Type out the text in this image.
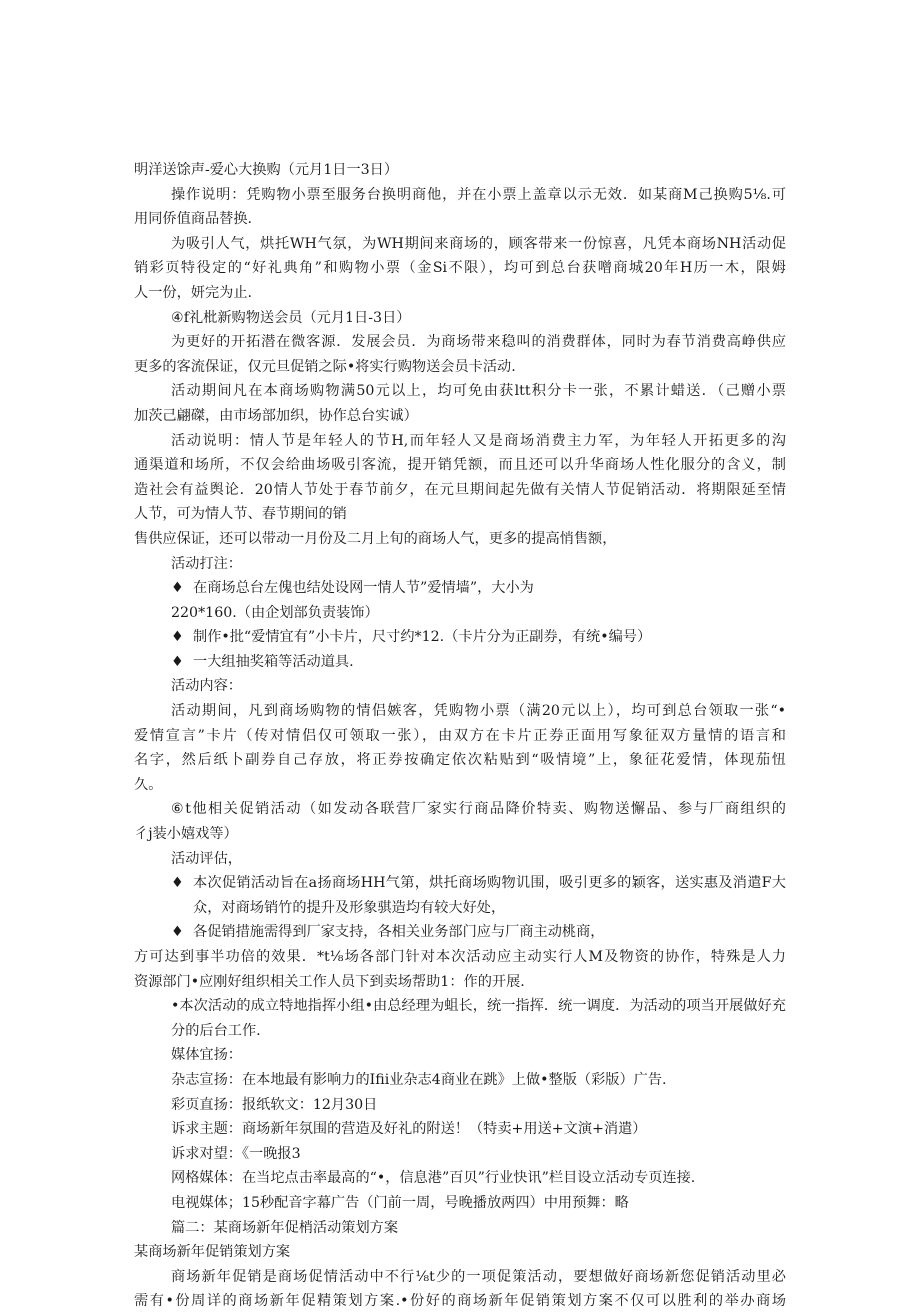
明洋送馀声-爱心大换购（元月1日一3日）
操作说明：凭购物小票至服务台换明商他，并在小票上盖章以示无效．如某商M己换购5⅛.可
用同侨值商品替换.
为吸引人气，烘托WH气氛，为WH期间来商场的，顾客带来一份惊喜，凡凭本商场NH活动促
销彩页特役定的“好礼典角”和购物小票（金Si不限），均可到总台获噌商城20年H历一木，限姆
人一份，妍完为止.
④f礼枇新购物送会员（元月1日-3日）
为更好的开拓潜在微客源．发展会员．为商场带来稳叫的消费群体，同时为春节消费高峥供应
更多的客流保证，仅元旦促销之际•将实行购物送会员卡活动.
活动期间凡在本商场购物满50元以上，均可免由获ltt积分卡一张，不累计蜡送．（己赠小票
加茨己翩磔，由市场部加织，协作总台实诚）
活动说明：情人节是年轻人的节H,而年轻人又是商场消费主力军，为年轻人开拓更多的沟
通渠道和场所，不仅会给曲场吸引客流，提开销凭额，而且还可以升华商场人性化服分的含义，制
造社会有益舆论．20情人节处于春节前夕，在元旦期间起先做有关情人节促销活动．将期限延至情
人节，可为情人节、春节期间的销
售供应保证，还可以带动一月份及二月上旬的商场人气，更多的提高悄售额，
活动打注：
♦ 在商场总台左傀也结处设网一情人节”爱情墙”，大小为
220*160.（由企划部负责装饰）
♦ 制作•批“爱情宜有”小卡片，尺寸约*12.（卡片分为正副券，有统•编号）
♦ 一大组抽奖箱等活动道具.
活动内容：
活动期间，凡到商场购物的情侣嫉客，凭购物小票（满20元以上），均可到总台领取一张“•
爱情宣言”卡片（传对情侣仅可领取一张），由双方在卡片正券正面用写象征双方量情的语言和
名字，然后纸卜副券自己存放，将正券按确定依次粘贴到“吸情境”上，象征花爱情，体现茄忸
久。
⑥t他相关促销活动（如发动各联营厂家实行商品降价特卖、购物送懈品、参与厂商组织的
彳j装小嬉戏等）
活动评估，
♦ 本次促销活动旨在a扬商场HH气第，烘托商场购物讥围，吸引更多的颖客，送实惠及消遣F大众，对商场销竹的提升及形象骐造均有较大好处，
♦ 各促销措施需得到厂家支持，各相关业务部门应与厂商主动桃商，
方可达到事半功倍的效果．*t⅛场各部门针对本次活动应主动实行人M及物资的协作，特殊是人力
资源部门•应刚好组织相关工作人员下到卖场帮助1：作的开展.
•本次活动的成立特地指挥小组•由总经理为蛆长，统一指挥．统一调度．为活动的项当开展做好充分的后台工作.
媒体宜扬：
杂志宣扬：在本地最有影响力的Ifii业杂志4商业在跳》上做•整版（彩版）广告.
彩页直扬：报纸软文：12月30日
诉求主题：商场新年氛围的营造及好礼的附送！（特卖+用送+文演+消遣）
诉求对望：《一晚报3
网格媒体：在当坨点击率最高的“•，信息港”百贝”行业快讯”栏目设立活动专页连接.
电视媒体；15秒配音字幕广告（门前一周，号晚播放两四）中用预舞：略
篇二：某商场新年促梢活动策划方案
某商场新年促销策划方案
商场新年促销是商场促情活动中不行⅛t少的一项促策活动，要想做好商场新您促销活动里必
需有•份周详的商场新年促精策划方案.•份好的商场新年促销策划方案不仅可以胜利的举办商场
